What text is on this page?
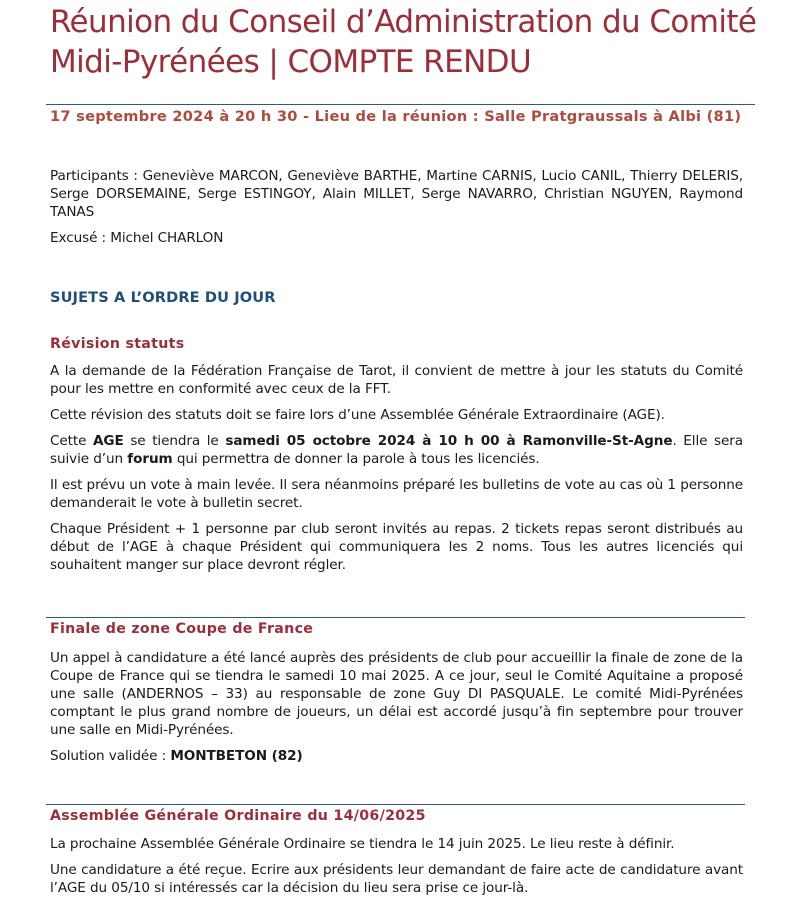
Réunion du Conseil d’Administration du Comité Midi-Pyrénées | COMPTE RENDU

17 septembre 2024 à 20 h 30 - Lieu de la réunion : Salle Pratgraussals à Albi (81)

Participants : Geneviève MARCON, Geneviève BARTHE, Martine CARNIS, Lucio CANIL, Thierry DELERIS, Serge DORSEMAINE, Serge ESTINGOY, Alain MILLET, Serge NAVARRO, Christian NGUYEN, Raymond TANAS

Excusé : Michel CHARLON

SUJETS A L’ORDRE DU JOUR
Révision statuts

A la demande de la Fédération Française de Tarot, il convient de mettre à jour les statuts du Comité pour les mettre en conformité avec ceux de la FFT.

Cette révision des statuts doit se faire lors d’une Assemblée Générale Extraordinaire (AGE).

Cette AGE se tiendra le samedi 05 octobre 2024 à 10 h 00 à Ramonville-St-Agne. Elle sera suivie d’un forum qui permettra de donner la parole à tous les licenciés.

Il est prévu un vote à main levée. Il sera néanmoins préparé les bulletins de vote au cas où 1 personne demanderait le vote à bulletin secret.

Chaque Président + 1 personne par club seront invités au repas. 2 tickets repas seront distribués au début de l’AGE à chaque Président qui communiquera les 2 noms. Tous les autres licenciés qui souhaitent manger sur place devront régler.

Finale de zone Coupe de France

Un appel à candidature a été lancé auprès des présidents de club pour accueillir la finale de zone de la Coupe de France qui se tiendra le samedi 10 mai 2025. A ce jour, seul le Comité Aquitaine a proposé une salle (ANDERNOS – 33) au responsable de zone Guy DI PASQUALE. Le comité Midi-Pyrénées comptant le plus grand nombre de joueurs, un délai est accordé jusqu’à fin septembre pour trouver une salle en Midi-Pyrénées.

Solution validée : MONTBETON (82)

Assemblée Générale Ordinaire du 14/06/2025

La prochaine Assemblée Générale Ordinaire se tiendra le 14 juin 2025. Le lieu reste à définir.

Une candidature a été reçue. Ecrire aux présidents leur demandant de faire acte de candidature avant l’AGE du 05/10 si intéressés car la décision du lieu sera prise ce jour-là.
